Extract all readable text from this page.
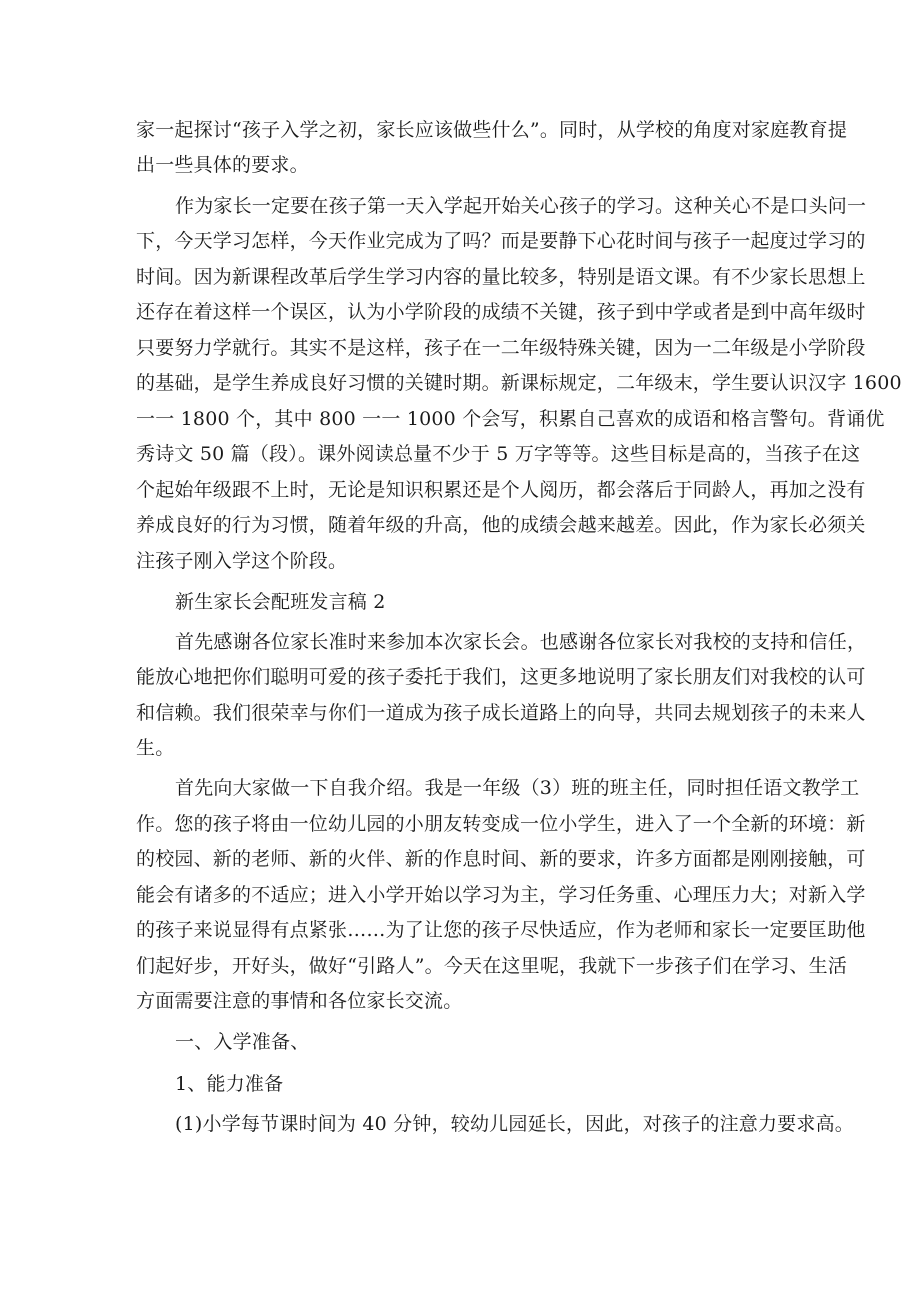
家一起探讨“孩子入学之初，家长应该做些什么”。同时，从学校的角度对家庭教育提
出一些具体的要求。
作为家长一定要在孩子第一天入学起开始关心孩子的学习。这种关心不是口头问一
下，今天学习怎样，今天作业完成为了吗？而是要静下心花时间与孩子一起度过学习的
时间。因为新课程改革后学生学习内容的量比较多，特别是语文课。有不少家长思想上
还存在着这样一个误区，认为小学阶段的成绩不关键，孩子到中学或者是到中高年级时
只要努力学就行。其实不是这样，孩子在一二年级特殊关键，因为一二年级是小学阶段
的基础，是学生养成良好习惯的关键时期。新课标规定，二年级末，学生要认识汉字 1600
一一 1800 个，其中 800 一一 1000 个会写，积累自己喜欢的成语和格言警句。背诵优
秀诗文 50 篇（段）。课外阅读总量不少于 5 万字等等。这些目标是高的，当孩子在这
个起始年级跟不上时，无论是知识积累还是个人阅历，都会落后于同龄人，再加之没有
养成良好的行为习惯，随着年级的升高，他的成绩会越来越差。因此，作为家长必须关
注孩子刚入学这个阶段。
新生家长会配班发言稿 2
首先感谢各位家长准时来参加本次家长会。也感谢各位家长对我校的支持和信任，
能放心地把你们聪明可爱的孩子委托于我们，这更多地说明了家长朋友们对我校的认可
和信赖。我们很荣幸与你们一道成为孩子成长道路上的向导，共同去规划孩子的未来人
生。
首先向大家做一下自我介绍。我是一年级（3）班的班主任，同时担任语文教学工
作。您的孩子将由一位幼儿园的小朋友转变成一位小学生，进入了一个全新的环境：新
的校园、新的老师、新的火伴、新的作息时间、新的要求，许多方面都是刚刚接触，可
能会有诸多的不适应；进入小学开始以学习为主，学习任务重、心理压力大；对新入学
的孩子来说显得有点紧张……为了让您的孩子尽快适应，作为老师和家长一定要匡助他
们起好步，开好头，做好“引路人”。今天在这里呢，我就下一步孩子们在学习、生活
方面需要注意的事情和各位家长交流。
一、入学准备、
1、能力准备
(1)小学每节课时间为 40 分钟，较幼儿园延长，因此，对孩子的注意力要求高。
